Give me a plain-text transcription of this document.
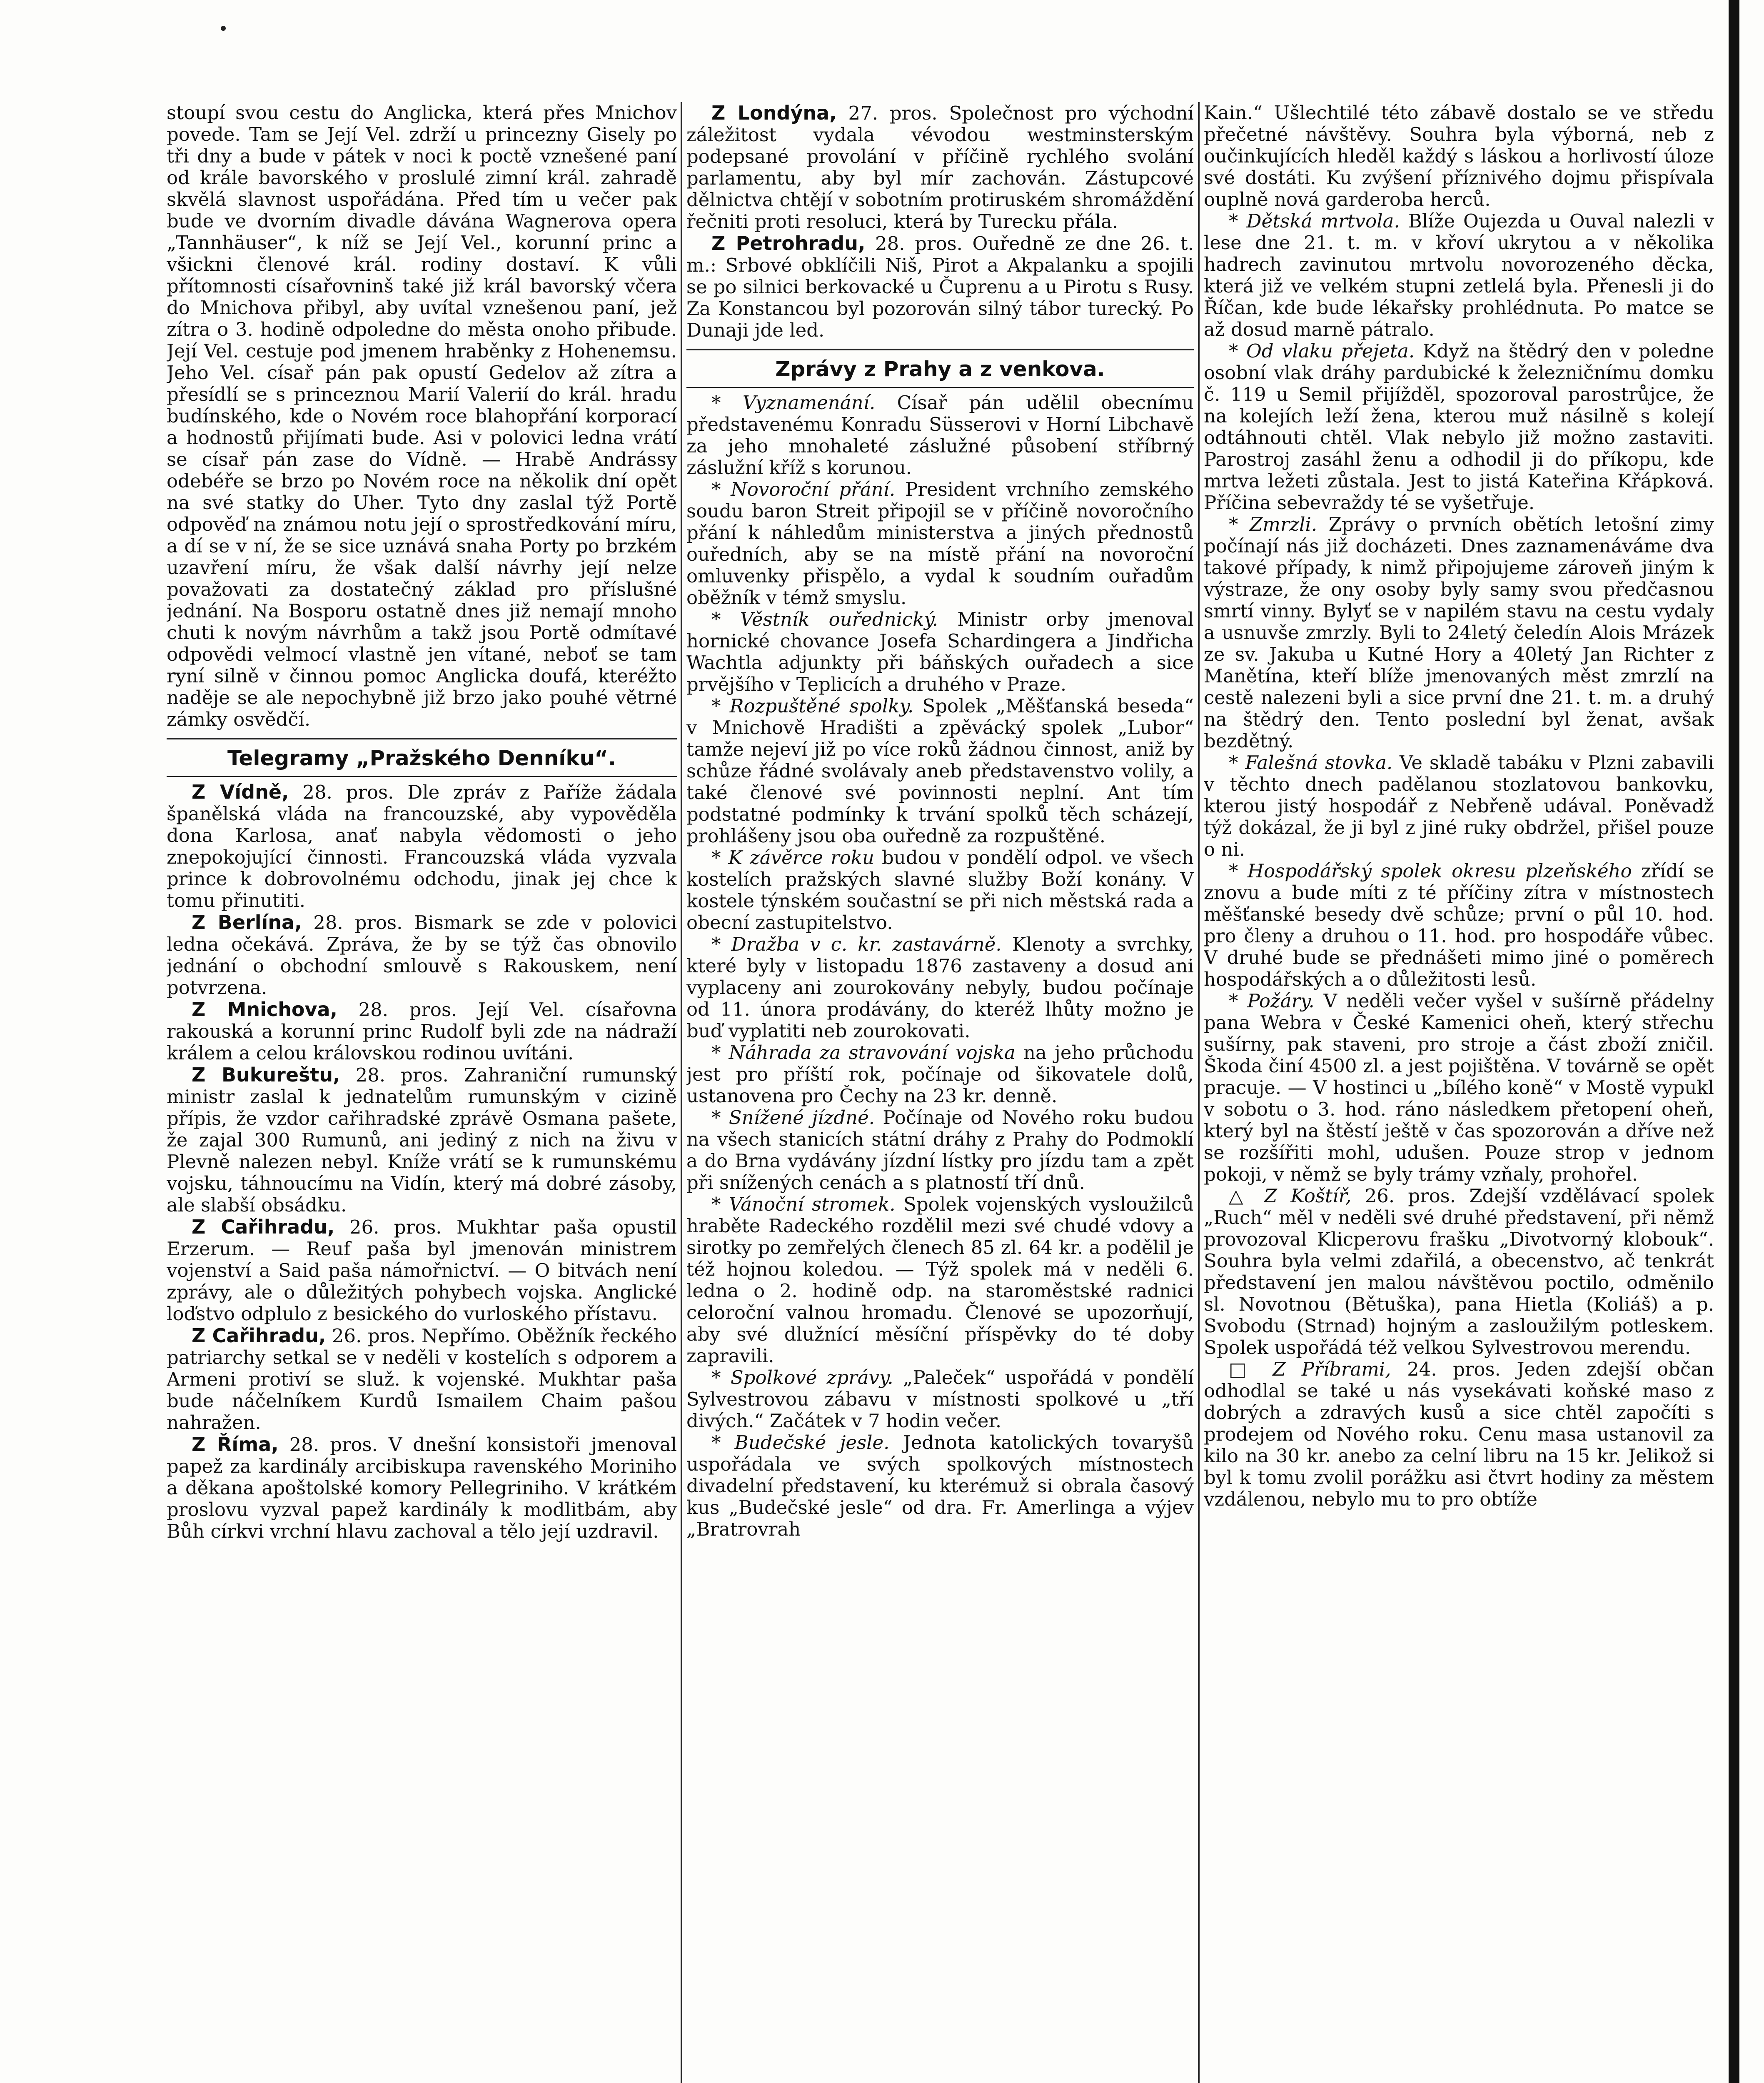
stoupí svou cestu do Anglicka, která přes Mnichov povede. Tam se Její Vel. zdrží u princezny Gisely po tři dny a bude v pátek v noci k poctě vznešené paní od krále bavorského v proslulé zimní král. zahradě skvělá slavnost uspořádána. Před tím u večer pak bude ve dvorním divadle dávána Wagnerova opera „Tannhäuser“, k níž se Její Vel., korunní princ a všickni členové král. rodiny dostaví. K vůli přítomnosti císařovninš také již král bavorský včera do Mnichova přibyl, aby uvítal vznešenou paní, jež zítra o 3. hodině odpoledne do města onoho přibude. Její Vel. cestuje pod jmenem hraběnky z Hohenemsu. Jeho Vel. císař pán pak opustí Gedelov až zítra a přesídlí se s princeznou Marií Valerií do král. hradu budínského, kde o Novém roce blahopřání korporací a hodnostů přijímati bude. Asi v polovici ledna vrátí se císař pán zase do Vídně. — Hrabě Andrássy odebéře se brzo po Novém roce na několik dní opět na své statky do Uher. Tyto dny zaslal týž Portě odpověď na známou notu její o sprostředkování míru, a dí se v ní, že se sice uznává snaha Porty po brzkém uzavření míru, že však další návrhy její nelze považovati za dostatečný základ pro příslušné jednání. Na Bosporu ostatně dnes již nemají mnoho chuti k novým návrhům a takž jsou Portě odmítavé odpovědi velmocí vlastně jen vítané, neboť se tam ryní silně v činnou pomoc Anglicka doufá, kteréžto naděje se ale nepochybně již brzo jako pouhé větrné zámky osvědčí.

Telegramy „Pražského Denníku“.

Z Vídně, 28. pros. Dle zpráv z Paříže žádala španělská vláda na francouzské, aby vypověděla dona Karlosa, anať nabyla vědomosti o jeho znepokojující činnosti. Francouzská vláda vyzvala prince k dobrovolnému odchodu, jinak jej chce k tomu přinutiti.

Z Berlína, 28. pros. Bismark se zde v polovici ledna očekává. Zpráva, že by se týž čas obnovilo jednání o obchodní smlouvě s Rakouskem, není potvrzena.

Z Mnichova, 28. pros. Její Vel. císařovna rakouská a korunní princ Rudolf byli zde na nádraží králem a celou královskou rodinou uvítáni.

Z Bukureštu, 28. pros. Zahraniční rumunský ministr zaslal k jednatelům rumunským v cizině přípis, že vzdor cařihradské zprávě Osmana pašete, že zajal 300 Rumunů, ani jediný z nich na živu v Plevně nalezen nebyl. Kníže vrátí se k rumunskému vojsku, táhnoucímu na Vidín, který má dobré zásoby, ale slabší obsádku.

Z Cařihradu, 26. pros. Mukhtar paša opustil Erzerum. — Reuf paša byl jmenován ministrem vojenství a Said paša námořnictví. — O bitvách není zprávy, ale o důležitých pohybech vojska. Anglické loďstvo odplulo z besického do vurloského přístavu.

Z Cařihradu, 26. pros. Nepřímo. Oběžník řeckého patriarchy setkal se v neděli v kostelích s odporem a Armeni protiví se služ. k vojenské. Mukhtar paša bude náčelníkem Kurdů Ismailem Chaim pašou nahražen.

Z Říma, 28. pros. V dnešní konsistoři jmenoval papež za kardinály arcibiskupa ravenského Moriniho a děkana apoštolské komory Pellegriniho. V krátkém proslovu vyzval papež kardinály k modlitbám, aby Bůh církvi vrchní hlavu zachoval a tělo její uzdravil.

Z Londýna, 27. pros. Společnost pro východní záležitost vydala vévodou westminsterským podepsané provolání v příčině rychlého svolání parlamentu, aby byl mír zachován. Zástupcové dělnictva chtějí v sobotním protiruském shromáždění řečniti proti resoluci, která by Turecku přála.

Z Petrohradu, 28. pros. Ouředně ze dne 26. t. m.: Srbové obklíčili Niš, Pirot a Akpalanku a spojili se po silnici berkovacké u Čuprenu a u Pirotu s Rusy. Za Konstancou byl pozorován silný tábor turecký. Po Dunaji jde led.

Zprávy z Prahy a z venkova.

* Vyznamenání. Císař pán udělil obecnímu představenému Konradu Süsserovi v Horní Libchavě za jeho mnohaleté záslužné působení stříbrný záslužní kříž s korunou.

* Novoroční přání. President vrchního zemského soudu baron Streit připojil se v příčině novoročního přání k náhledům ministerstva a jiných přednostů ouředních, aby se na místě přání na novoroční omluvenky přispělo, a vydal k soudním ouřadům oběžník v témž smyslu.

* Věstník ouřednický. Ministr orby jmenoval hornické chovance Josefa Schardingera a Jindřicha Wachtla adjunkty při báňských ouřadech a sice prvějšího v Teplicích a druhého v Praze.

* Rozpuštěné spolky. Spolek „Měšťanská beseda“ v Mnichově Hradišti a zpěvácký spolek „Lubor“ tamže nejeví již po více roků žádnou činnost, aniž by schůze řádné svolávaly aneb představenstvo volily, a také členové své povinnosti neplní. Ant tím podstatné podmínky k trvání spolků těch scházejí, prohlášeny jsou oba ouředně za rozpuštěné.

* K závěrce roku budou v pondělí odpol. ve všech kostelích pražských slavné služby Boží konány. V kostele týnském součastní se při nich městská rada a obecní zastupitelstvo.

* Dražba v c. kr. zastavárně. Klenoty a svrchky, které byly v listopadu 1876 zastaveny a dosud ani vyplaceny ani zourokovány nebyly, budou počínaje od 11. února prodávány, do kteréž lhůty možno je buď vyplatiti neb zourokovati.

* Náhrada za stravování vojska na jeho průchodu jest pro příští rok, počínaje od šikovatele dolů, ustanovena pro Čechy na 23 kr. denně.

* Snížené jízdné. Počínaje od Nového roku budou na všech stanicích státní dráhy z Prahy do Podmoklí a do Brna vydávány jízdní lístky pro jízdu tam a zpět při snížených cenách a s platností tří dnů.

* Vánoční stromek. Spolek vojenských vysloužilců hraběte Radeckého rozdělil mezi své chudé vdovy a sirotky po zemřelých členech 85 zl. 64 kr. a podělil je též hojnou koledou. — Týž spolek má v neděli 6. ledna o 2. hodině odp. na staroměstské radnici celoroční valnou hromadu. Členové se upozorňují, aby své dlužnící měsíční příspěvky do té doby zapravili.

* Spolkové zprávy. „Paleček“ uspořádá v pondělí Sylvestrovou zábavu v místnosti spolkové u „tří divých.“ Začátek v 7 hodin večer.

* Budečské jesle. Jednota katolických tovaryšů uspořádala ve svých spolkových místnostech divadelní představení, ku kterémuž si obrala časový kus „Budečské jesle“ od dra. Fr. Amerlinga a výjev „Bratrovrah

Kain.“ Ušlechtilé této zábavě dostalo se ve středu přečetné návštěvy. Souhra byla výborná, neb z oučinkujících hleděl každý s láskou a horlivostí úloze své dostáti. Ku zvýšení příznivého dojmu přispívala ouplně nová garderoba herců.

* Dětská mrtvola. Blíže Oujezda u Ouval nalezli v lese dne 21. t. m. v křoví ukrytou a v několika hadrech zavinutou mrtvolu novorozeného děcka, která již ve velkém stupni zetlelá byla. Přenesli ji do Říčan, kde bude lékařsky prohlédnuta. Po matce se až dosud marně pátralo.

* Od vlaku přejeta. Když na štědrý den v poledne osobní vlak dráhy pardubické k železničnímu domku č. 119 u Semil přijížděl, spozoroval parostrůjce, že na kolejích leží žena, kterou muž násilně s kolejí odtáhnouti chtěl. Vlak nebylo již možno zastaviti. Parostroj zasáhl ženu a odhodil ji do příkopu, kde mrtva ležeti zůstala. Jest to jistá Kateřina Křápková. Příčina sebevraždy té se vyšetřuje.

* Zmrzli. Zprávy o prvních obětích letošní zimy počínají nás již docházeti. Dnes zaznamenáváme dva takové případy, k nimž připojujeme zároveň jiným k výstraze, že ony osoby byly samy svou předčasnou smrtí vinny. Bylyť se v napilém stavu na cestu vydaly a usnuvše zmrzly. Byli to 24letý čeledín Alois Mrázek ze sv. Jakuba u Kutné Hory a 40letý Jan Richter z Manětína, kteří blíže jmenovaných měst zmrzlí na cestě nalezeni byli a sice první dne 21. t. m. a druhý na štědrý den. Tento poslední byl ženat, avšak bezdětný.

* Falešná stovka. Ve skladě tabáku v Plzni zabavili v těchto dnech padělanou stozlatovou bankovku, kterou jistý hospodář z Nebřeně udával. Poněvadž týž dokázal, že ji byl z jiné ruky obdržel, přišel pouze o ni.

* Hospodářský spolek okresu plzeňského zřídí se znovu a bude míti z té příčiny zítra v místnostech měšťanské besedy dvě schůze; první o půl 10. hod. pro členy a druhou o 11. hod. pro hospodáře vůbec. V druhé bude se přednášeti mimo jiné o poměrech hospodářských a o důležitosti lesů.

* Požáry. V neděli večer vyšel v sušírně přádelny pana Webra v České Kamenici oheň, který střechu sušírny, pak staveni, pro stroje a část zboží zničil. Škoda činí 4500 zl. a jest pojištěna. V továrně se opět pracuje. — V hostinci u „bílého koně“ v Mostě vypukl v sobotu o 3. hod. ráno následkem přetopení oheň, který byl na štěstí ještě v čas spozorován a dříve než se rozšířiti mohl, udušen. Pouze strop v jednom pokoji, v němž se byly trámy vzňaly, prohořel.

△ Z Koštíř, 26. pros. Zdejší vzdělávací spolek „Ruch“ měl v neděli své druhé představení, při němž provozoval Klicperovu frašku „Divotvorný klobouk“. Souhra byla velmi zdařilá, a obecenstvo, ač tenkrát představení jen malou návštěvou poctilo, odměnilo sl. Novotnou (Bětuška), pana Hietla (Koliáš) a p. Svobodu (Strnad) hojným a zasloužilým potleskem. Spolek uspořádá též velkou Sylvestrovou merendu.

□ Z Příbrami, 24. pros. Jeden zdejší občan odhodlal se také u nás vysekávati koňské maso z dobrých a zdravých kusů a sice chtěl započíti s prodejem od Nového roku. Cenu masa ustanovil za kilo na 30 kr. anebo za celní libru na 15 kr. Jelikož si byl k tomu zvolil porážku asi čtvrt hodiny za městem vzdálenou, nebylo mu to pro obtíže
